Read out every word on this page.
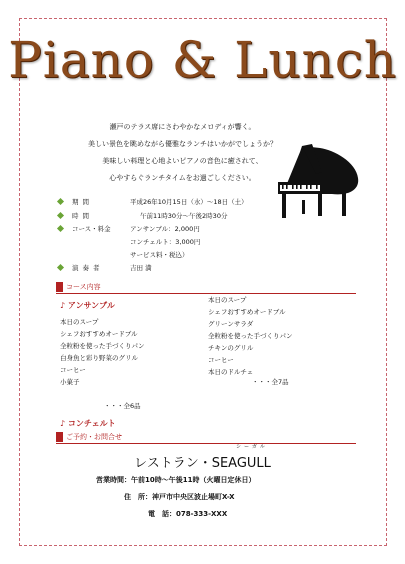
Piano & Lunch
瀬戸のテラス席にさわやかなメロディが響く。
美しい景色を眺めながら優雅なランチはいかがでしょうか？
美味しい料理と心地よいピアノの音色に癒されて、
心やすらぐランチタイムをお過ごしください。
期間	平成26年10月15日（水）～18日（土）
時間	午前11時30分～午後2時30分
コース・料金	アンサンブル：2,000円
コンチェルト：3,000円
サービス料・税込）
演奏者	吉田 満
コース内容
♪ アンサンブル
本日のスープ
シェフおすすめオードブル
全粒粉を使った手づくりパン
白身魚と彩り野菜のグリル
コーヒー
小菓子
本日のスープ
シェフおすすめオードブル
グリーンサラダ
全粒粉を使った手づくりパン
チキンのグリル
コーヒー
本日のドルチェ
・・・全7品
・・・全6品
♪ コンチェルト
ご予約・お問合せ
シーガル
レストラン・SEAGULL
営業時間：午前10時～午後11時（火曜日定休日）
住　所：神戸市中央区波止場町X-X
電　話：078-333-XXX
